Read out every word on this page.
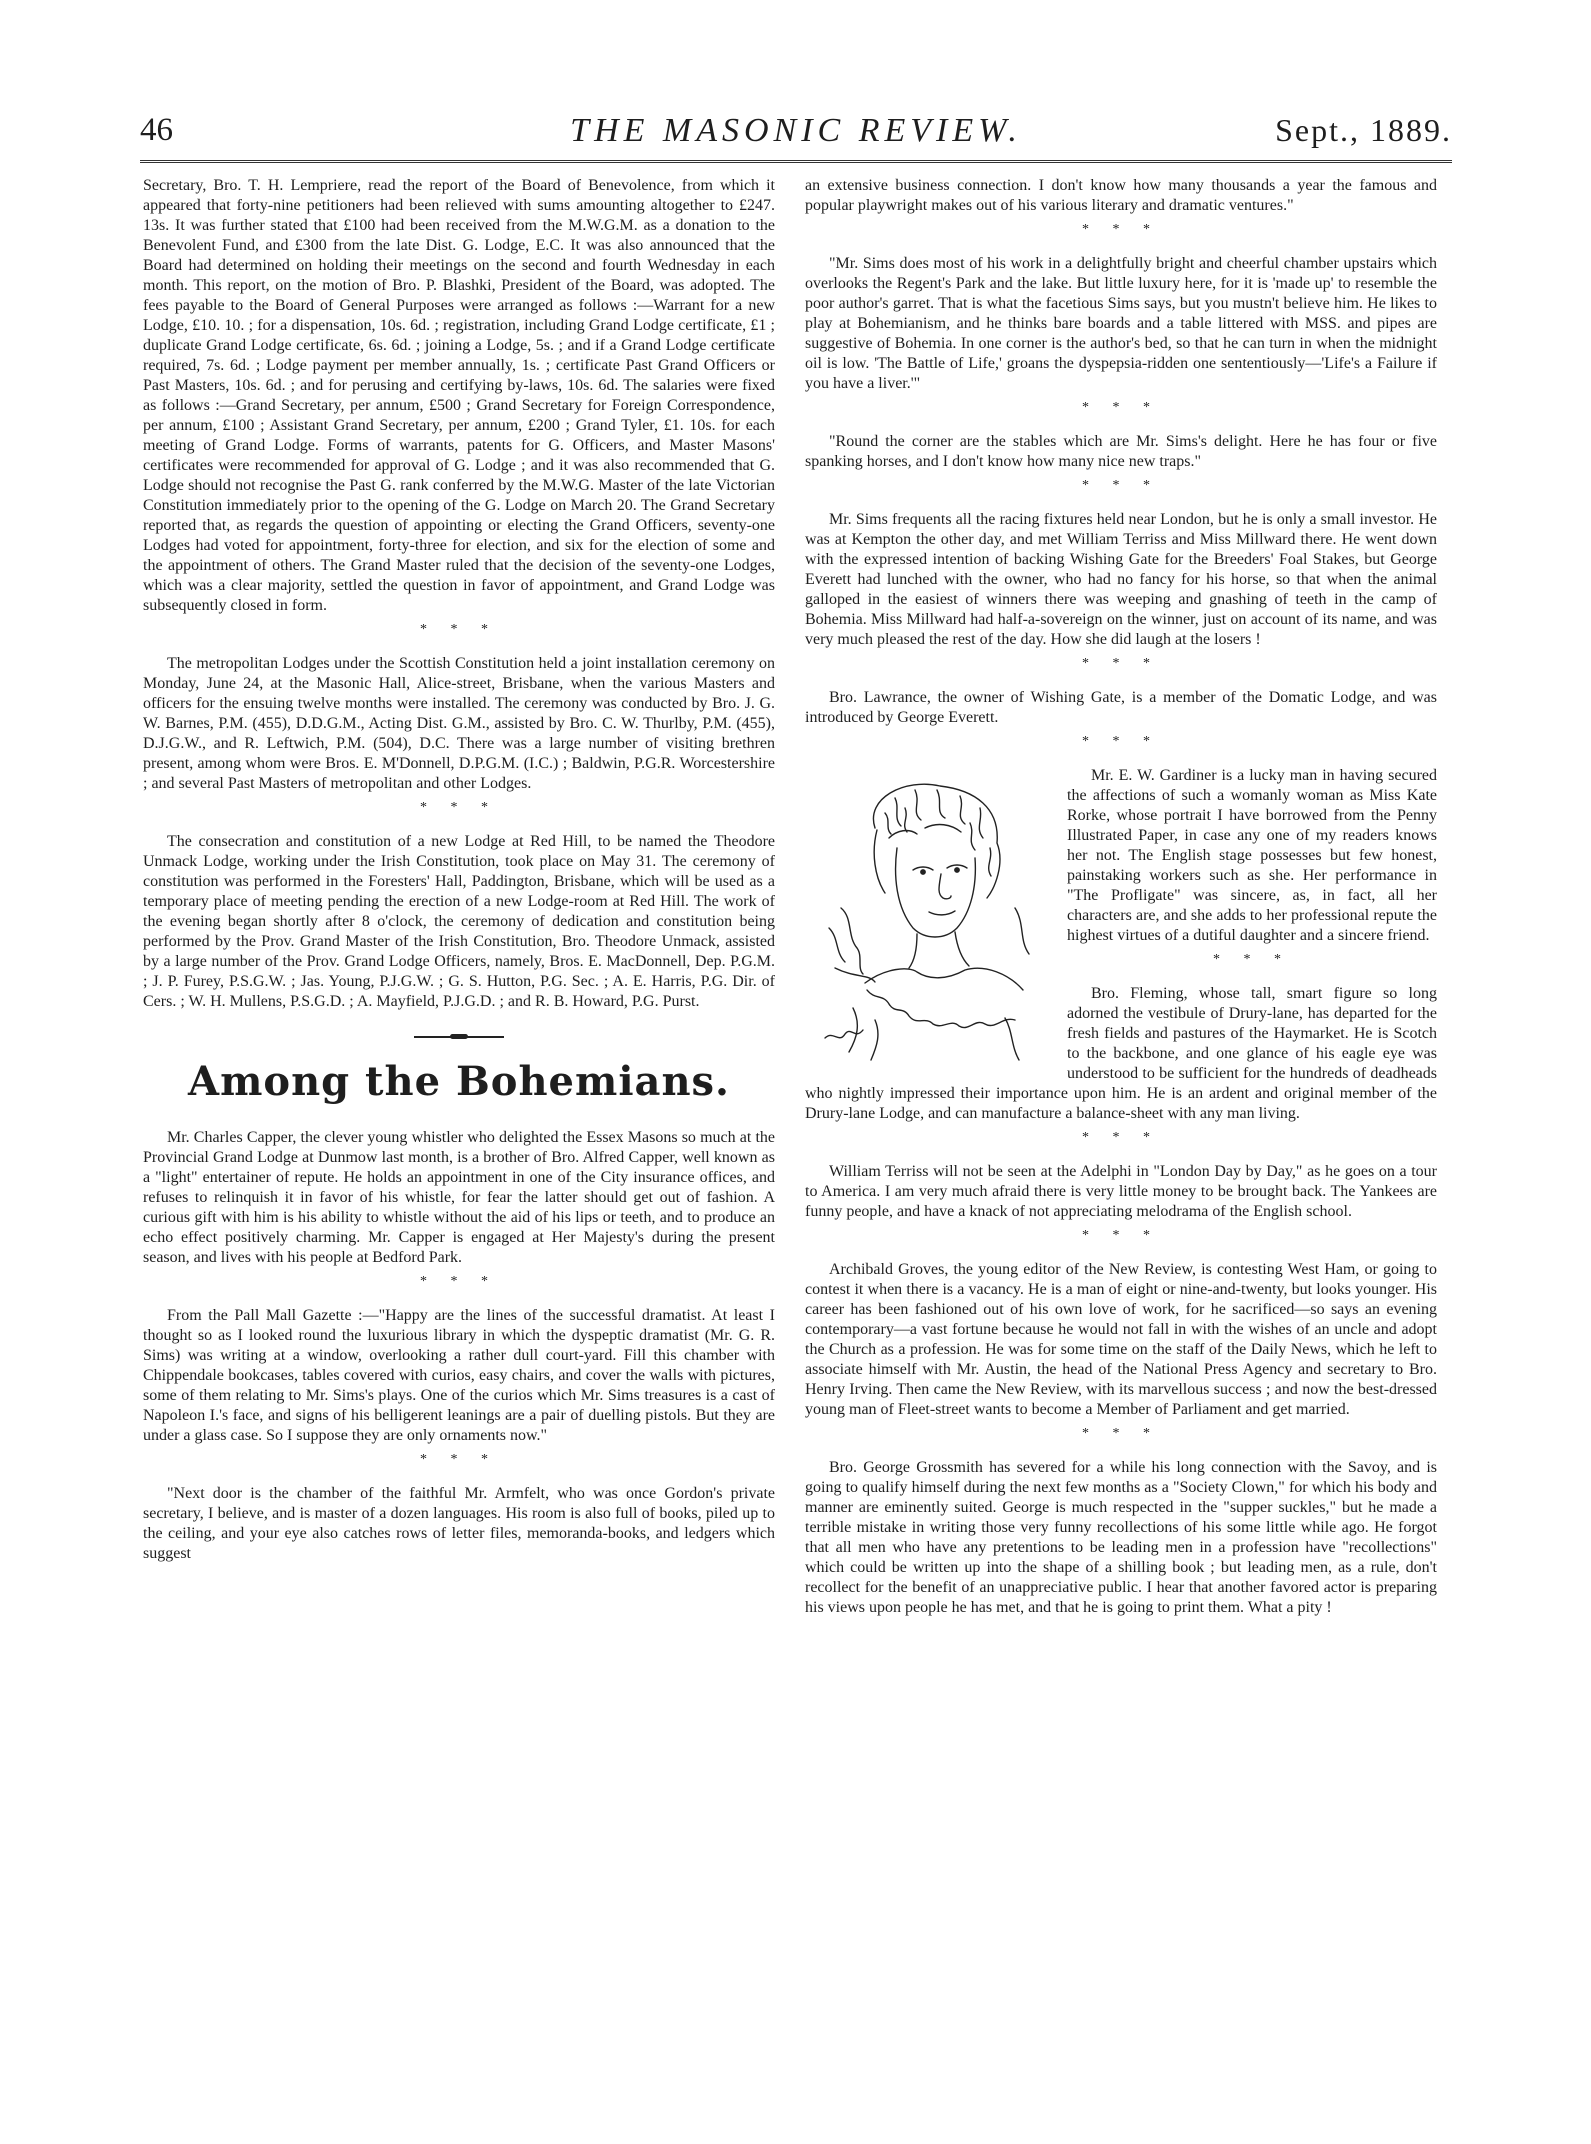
46	THE MASONIC REVIEW.	Sept., 1889.

Secretary, Bro. T. H. Lempriere, read the report of the Board of Benevolence, from which it appeared that forty-nine petitioners had been relieved with sums amounting altogether to £247. 13s. It was further stated that £100 had been received from the M.W.G.M. as a donation to the Benevolent Fund, and £300 from the late Dist. G. Lodge, E.C. It was also announced that the Board had determined on holding their meetings on the second and fourth Wednesday in each month. This report, on the motion of Bro. P. Blashki, President of the Board, was adopted. The fees payable to the Board of General Purposes were arranged as follows :—Warrant for a new Lodge, £10. 10. ; for a dispensation, 10s. 6d. ; registration, including Grand Lodge certificate, £1 ; duplicate Grand Lodge certificate, 6s. 6d. ; joining a Lodge, 5s. ; and if a Grand Lodge certificate required, 7s. 6d. ; Lodge payment per member annually, 1s. ; certificate Past Grand Officers or Past Masters, 10s. 6d. ; and for perusing and certifying by-laws, 10s. 6d. The salaries were fixed as follows :—Grand Secretary, per annum, £500 ; Grand Secretary for Foreign Correspondence, per annum, £100 ; Assistant Grand Secretary, per annum, £200 ; Grand Tyler, £1. 10s. for each meeting of Grand Lodge. Forms of warrants, patents for G. Officers, and Master Masons' certificates were recommended for approval of G. Lodge ; and it was also recommended that G. Lodge should not recognise the Past G. rank conferred by the M.W.G. Master of the late Victorian Constitution immediately prior to the opening of the G. Lodge on March 20. The Grand Secretary reported that, as regards the question of appointing or electing the Grand Officers, seventy-one Lodges had voted for appointment, forty-three for election, and six for the election of some and the appointment of others. The Grand Master ruled that the decision of the seventy-one Lodges, which was a clear majority, settled the question in favor of appointment, and Grand Lodge was subsequently closed in form.

* * *

The metropolitan Lodges under the Scottish Constitution held a joint installation ceremony on Monday, June 24, at the Masonic Hall, Alice-street, Brisbane, when the various Masters and officers for the ensuing twelve months were installed. The ceremony was conducted by Bro. J. G. W. Barnes, P.M. (455), D.D.G.M., Acting Dist. G.M., assisted by Bro. C. W. Thurlby, P.M. (455), D.J.G.W., and R. Leftwich, P.M. (504), D.C. There was a large number of visiting brethren present, among whom were Bros. E. M'Donnell, D.P.G.M. (I.C.) ; Baldwin, P.G.R. Worcestershire ; and several Past Masters of metropolitan and other Lodges.

* * *

The consecration and constitution of a new Lodge at Red Hill, to be named the Theodore Unmack Lodge, working under the Irish Constitution, took place on May 31. The ceremony of constitution was performed in the Foresters' Hall, Paddington, Brisbane, which will be used as a temporary place of meeting pending the erection of a new Lodge-room at Red Hill. The work of the evening began shortly after 8 o'clock, the ceremony of dedication and constitution being performed by the Prov. Grand Master of the Irish Constitution, Bro. Theodore Unmack, assisted by a large number of the Prov. Grand Lodge Officers, namely, Bros. E. MacDonnell, Dep. P.G.M. ; J. P. Furey, P.S.G.W. ; Jas. Young, P.J.G.W. ; G. S. Hutton, P.G. Sec. ; A. E. Harris, P.G. Dir. of Cers. ; W. H. Mullens, P.S.G.D. ; A. Mayfield, P.J.G.D. ; and R. B. Howard, P.G. Purst.

Among the Bohemians.

Mr. Charles Capper, the clever young whistler who delighted the Essex Masons so much at the Provincial Grand Lodge at Dunmow last month, is a brother of Bro. Alfred Capper, well known as a "light" entertainer of repute. He holds an appointment in one of the City insurance offices, and refuses to relinquish it in favor of his whistle, for fear the latter should get out of fashion. A curious gift with him is his ability to whistle without the aid of his lips or teeth, and to produce an echo effect positively charming. Mr. Capper is engaged at Her Majesty's during the present season, and lives with his people at Bedford Park.

* * *

From the Pall Mall Gazette :—"Happy are the lines of the successful dramatist. At least I thought so as I looked round the luxurious library in which the dyspeptic dramatist (Mr. G. R. Sims) was writing at a window, overlooking a rather dull court-yard. Fill this chamber with Chippendale bookcases, tables covered with curios, easy chairs, and cover the walls with pictures, some of them relating to Mr. Sims's plays. One of the curios which Mr. Sims treasures is a cast of Napoleon I.'s face, and signs of his belligerent leanings are a pair of duelling pistols. But they are under a glass case. So I suppose they are only ornaments now."

* * *

"Next door is the chamber of the faithful Mr. Armfelt, who was once Gordon's private secretary, I believe, and is master of a dozen languages. His room is also full of books, piled up to the ceiling, and your eye also catches rows of letter files, memoranda-books, and ledgers which suggest

an extensive business connection. I don't know how many thousands a year the famous and popular playwright makes out of his various literary and dramatic ventures."

* * *

"Mr. Sims does most of his work in a delightfully bright and cheerful chamber upstairs which overlooks the Regent's Park and the lake. But little luxury here, for it is 'made up' to resemble the poor author's garret. That is what the facetious Sims says, but you mustn't believe him. He likes to play at Bohemianism, and he thinks bare boards and a table littered with MSS. and pipes are suggestive of Bohemia. In one corner is the author's bed, so that he can turn in when the midnight oil is low. 'The Battle of Life,' groans the dyspepsia-ridden one sententiously—'Life's a Failure if you have a liver.'"

* * *

"Round the corner are the stables which are Mr. Sims's delight. Here he has four or five spanking horses, and I don't know how many nice new traps."

* * *

Mr. Sims frequents all the racing fixtures held near London, but he is only a small investor. He was at Kempton the other day, and met William Terriss and Miss Millward there. He went down with the expressed intention of backing Wishing Gate for the Breeders' Foal Stakes, but George Everett had lunched with the owner, who had no fancy for his horse, so that when the animal galloped in the easiest of winners there was weeping and gnashing of teeth in the camp of Bohemia. Miss Millward had half-a-sovereign on the winner, just on account of its name, and was very much pleased the rest of the day. How she did laugh at the losers !

* * *

Bro. Lawrance, the owner of Wishing Gate, is a member of the Domatic Lodge, and was introduced by George Everett.

* * *

Mr. E. W. Gardiner is a lucky man in having secured the affections of such a womanly woman as Miss Kate Rorke, whose portrait I have borrowed from the Penny Illustrated Paper, in case any one of my readers knows her not. The English stage possesses but few honest, painstaking workers such as she. Her performance in "The Profligate" was sincere, as, in fact, all her characters are, and she adds to her professional repute the highest virtues of a dutiful daughter and a sincere friend.

* * *

Bro. Fleming, whose tall, smart figure so long adorned the vestibule of Drury-lane, has departed for the fresh fields and pastures of the Haymarket. He is Scotch to the backbone, and one glance of his eagle eye was understood to be sufficient for the hundreds of deadheads who nightly impressed their importance upon him. He is an ardent and original member of the Drury-lane Lodge, and can manufacture a balance-sheet with any man living.

* * *

William Terriss will not be seen at the Adelphi in "London Day by Day," as he goes on a tour to America. I am very much afraid there is very little money to be brought back. The Yankees are funny people, and have a knack of not appreciating melodrama of the English school.

* * *

Archibald Groves, the young editor of the New Review, is contesting West Ham, or going to contest it when there is a vacancy. He is a man of eight or nine-and-twenty, but looks younger. His career has been fashioned out of his own love of work, for he sacrificed—so says an evening contemporary—a vast fortune because he would not fall in with the wishes of an uncle and adopt the Church as a profession. He was for some time on the staff of the Daily News, which he left to associate himself with Mr. Austin, the head of the National Press Agency and secretary to Bro. Henry Irving. Then came the New Review, with its marvellous success ; and now the best-dressed young man of Fleet-street wants to become a Member of Parliament and get married.

* * *

Bro. George Grossmith has severed for a while his long connection with the Savoy, and is going to qualify himself during the next few months as a "Society Clown," for which his body and manner are eminently suited. George is much respected in the "supper suckles," but he made a terrible mistake in writing those very funny recollections of his some little while ago. He forgot that all men who have any pretentions to be leading men in a profession have "recollections" which could be written up into the shape of a shilling book ; but leading men, as a rule, don't recollect for the benefit of an unappreciative public. I hear that another favored actor is preparing his views upon people he has met, and that he is going to print them. What a pity !
